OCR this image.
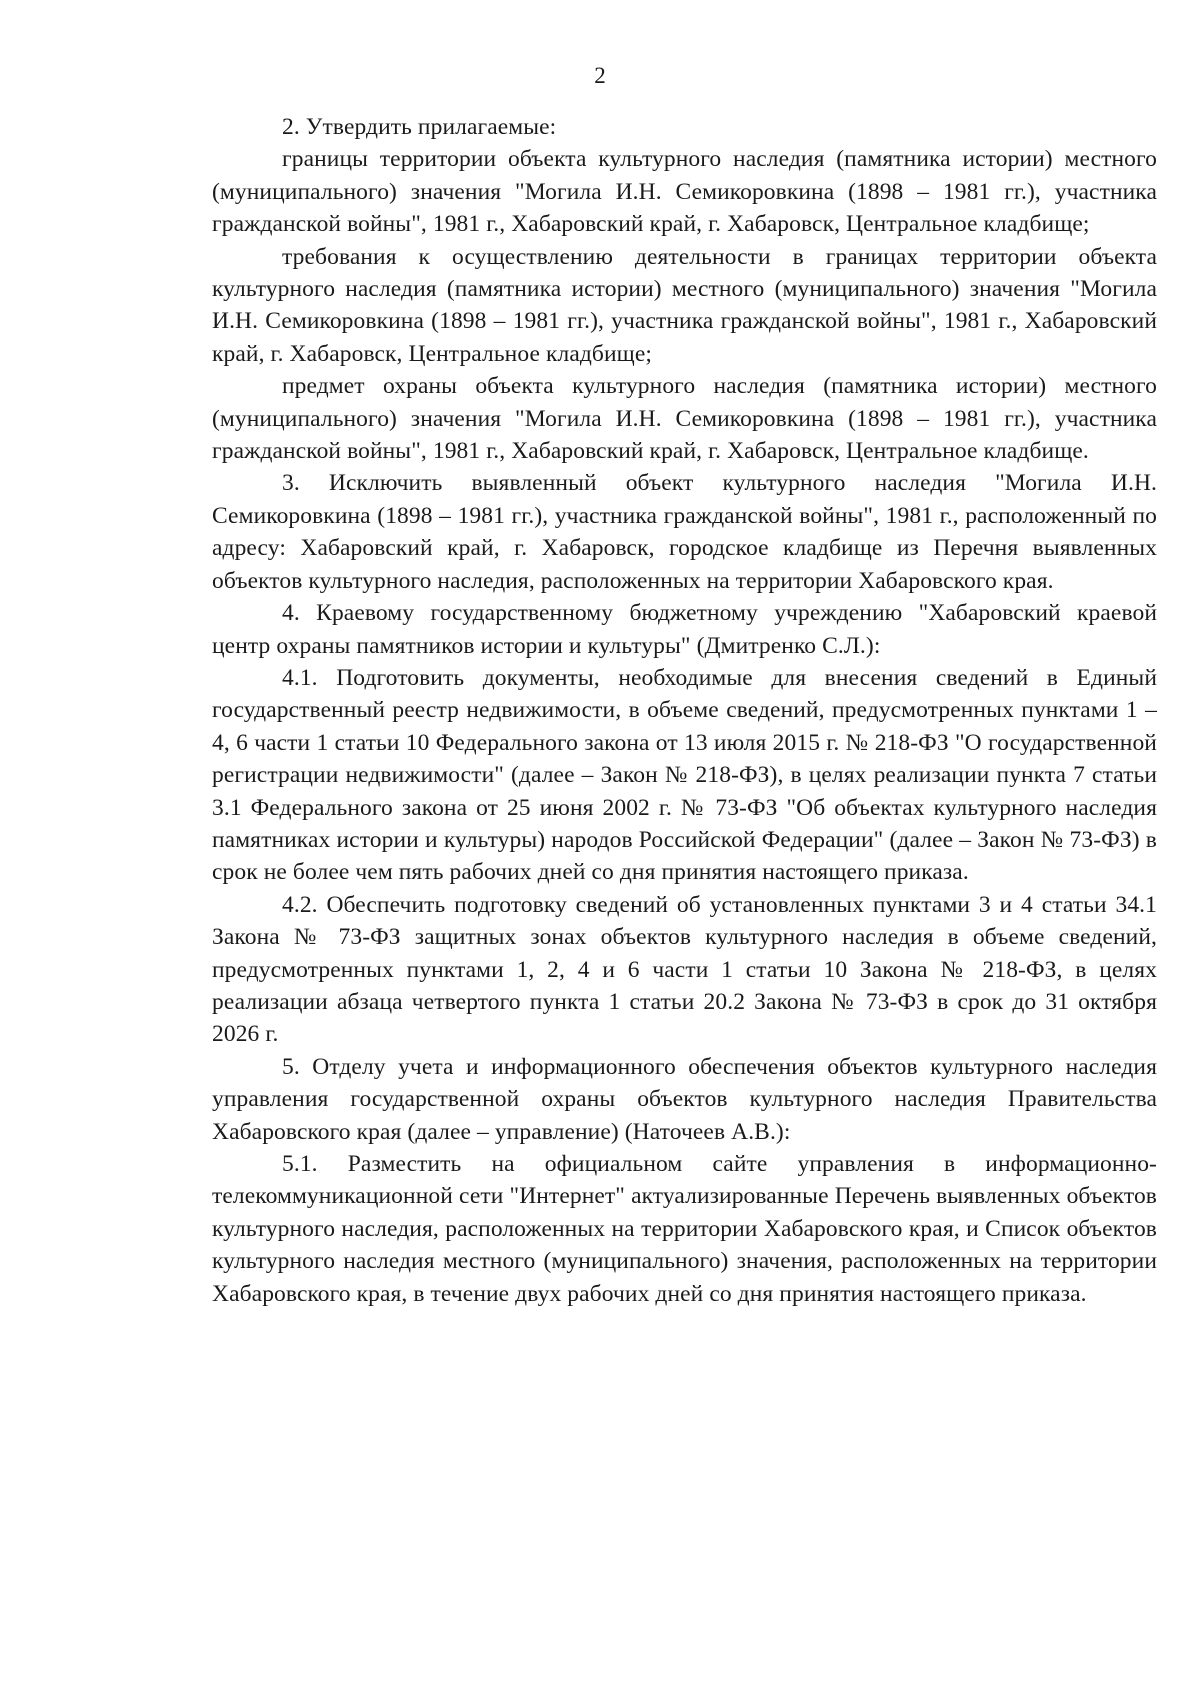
2

2. Утвердить прилагаемые:

границы территории объекта культурного наследия (памятника истории) местного (муниципального) значения "Могила И.Н. Семикоровкина (1898 – 1981 гг.), участника гражданской войны", 1981 г., Хабаровский край, г. Хабаровск, Центральное кладбище;

требования к осуществлению деятельности в границах территории объекта культурного наследия (памятника истории) местного (муниципального) значения "Могила И.Н. Семикоровкина (1898 – 1981 гг.), участника гражданской войны", 1981 г., Хабаровский край, г. Хабаровск, Центральное кладбище;

предмет охраны объекта культурного наследия (памятника истории) местного (муниципального) значения "Могила И.Н. Семикоровкина (1898 – 1981 гг.), участника гражданской войны", 1981 г., Хабаровский край, г. Хабаровск, Центральное кладбище.

3. Исключить выявленный объект культурного наследия "Могила И.Н. Семикоровкина (1898 – 1981 гг.), участника гражданской войны", 1981 г., расположенный по адресу: Хабаровский край, г. Хабаровск, городское кладбище из Перечня выявленных объектов культурного наследия, расположенных на территории Хабаровского края.

4. Краевому государственному бюджетному учреждению "Хабаровский краевой центр охраны памятников истории и культуры" (Дмитренко С.Л.):

4.1. Подготовить документы, необходимые для внесения сведений в Единый государственный реестр недвижимости, в объеме сведений, предусмотренных пунктами 1 – 4, 6 части 1 статьи 10 Федерального закона от 13 июля 2015 г. № 218-ФЗ "О государственной регистрации недвижимости" (далее – Закон № 218-ФЗ), в целях реализации пункта 7 статьи 3.1 Федерального закона от 25 июня 2002 г. № 73-ФЗ "Об объектах культурного наследия памятниках истории и культуры) народов Российской Федерации" (далее – Закон № 73-ФЗ) в срок не более чем пять рабочих дней со дня принятия настоящего приказа.

4.2. Обеспечить подготовку сведений об установленных пунктами 3 и 4 статьи 34.1 Закона № 73-ФЗ защитных зонах объектов культурного наследия в объеме сведений, предусмотренных пунктами 1, 2, 4 и 6 части 1 статьи 10 Закона № 218-ФЗ, в целях реализации абзаца четвертого пункта 1 статьи 20.2 Закона № 73-ФЗ в срок до 31 октября 2026 г.

5. Отделу учета и информационного обеспечения объектов культурного наследия управления государственной охраны объектов культурного наследия Правительства Хабаровского края (далее – управление) (Наточеев А.В.):

5.1. Разместить на официальном сайте управления в информационно-телекоммуникационной сети "Интернет" актуализированные Перечень выявленных объектов культурного наследия, расположенных на территории Хабаровского края, и Список объектов культурного наследия местного (муниципального) значения, расположенных на территории Хабаровского края, в течение двух рабочих дней со дня принятия настоящего приказа.
